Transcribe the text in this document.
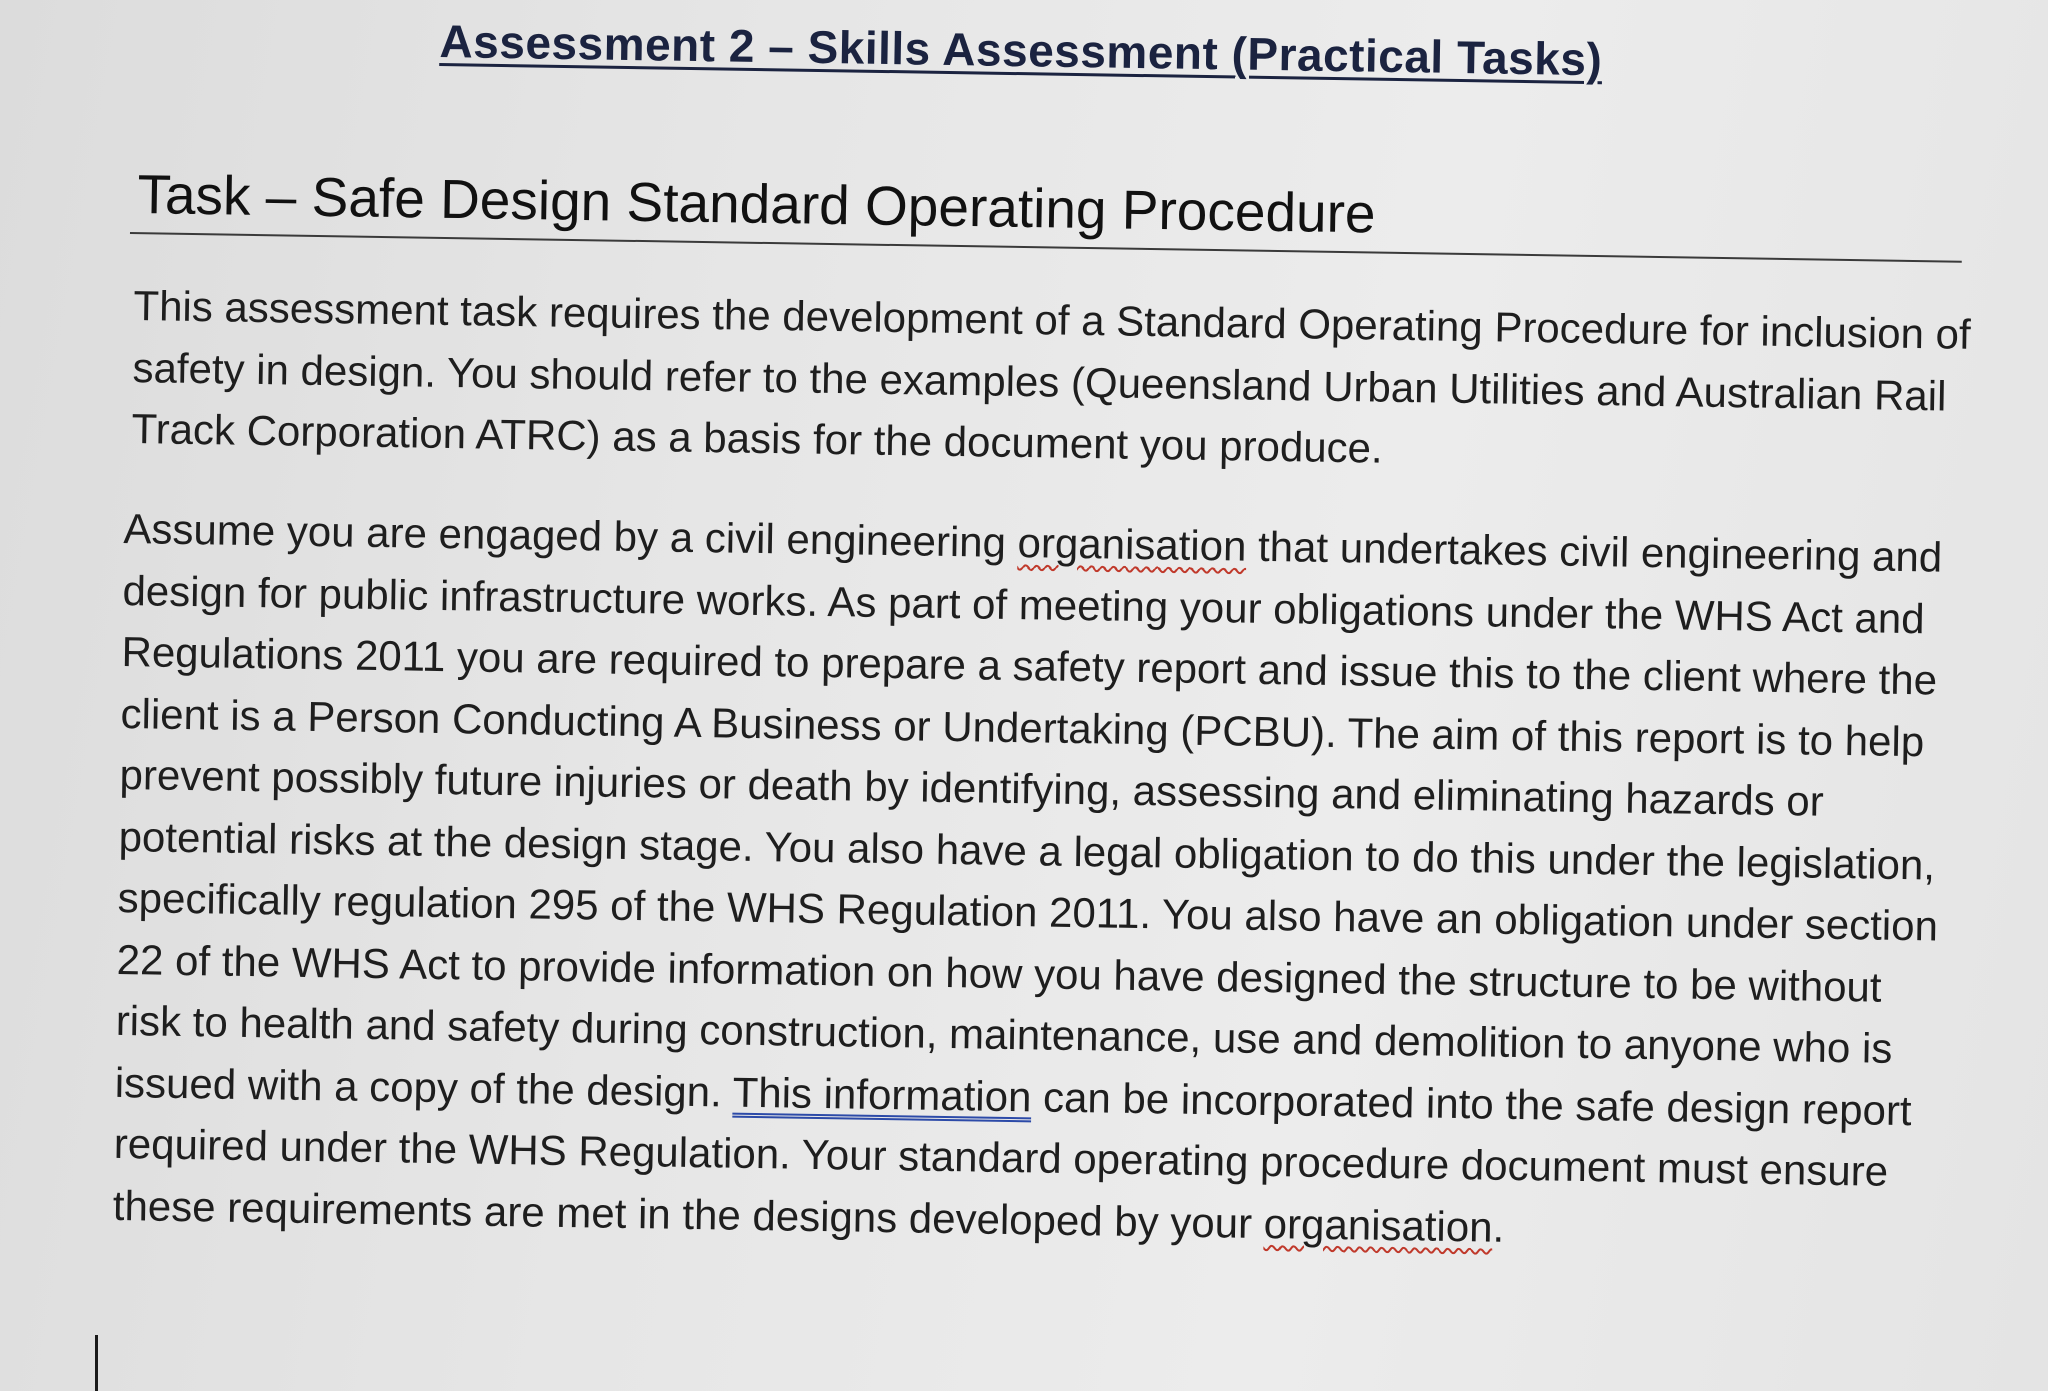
Assessment 2 – Skills Assessment (Practical Tasks)
Task – Safe Design Standard Operating Procedure
This assessment task requires the development of a Standard Operating Procedure for inclusion of
safety in design. You should refer to the examples (Queensland Urban Utilities and Australian Rail
Track Corporation ATRC) as a basis for the document you produce.
Assume you are engaged by a civil engineering organisation that undertakes civil engineering and
design for public infrastructure works. As part of meeting your obligations under the WHS Act and
Regulations 2011 you are required to prepare a safety report and issue this to the client where the
client is a Person Conducting A Business or Undertaking (PCBU). The aim of this report is to help
prevent possibly future injuries or death by identifying, assessing and eliminating hazards or
potential risks at the design stage. You also have a legal obligation to do this under the legislation,
specifically regulation 295 of the WHS Regulation 2011. You also have an obligation under section
22 of the WHS Act to provide information on how you have designed the structure to be without
risk to health and safety during construction, maintenance, use and demolition to anyone who is
issued with a copy of the design. This information can be incorporated into the safe design report
required under the WHS Regulation. Your standard operating procedure document must ensure
these requirements are met in the designs developed by your organisation.
